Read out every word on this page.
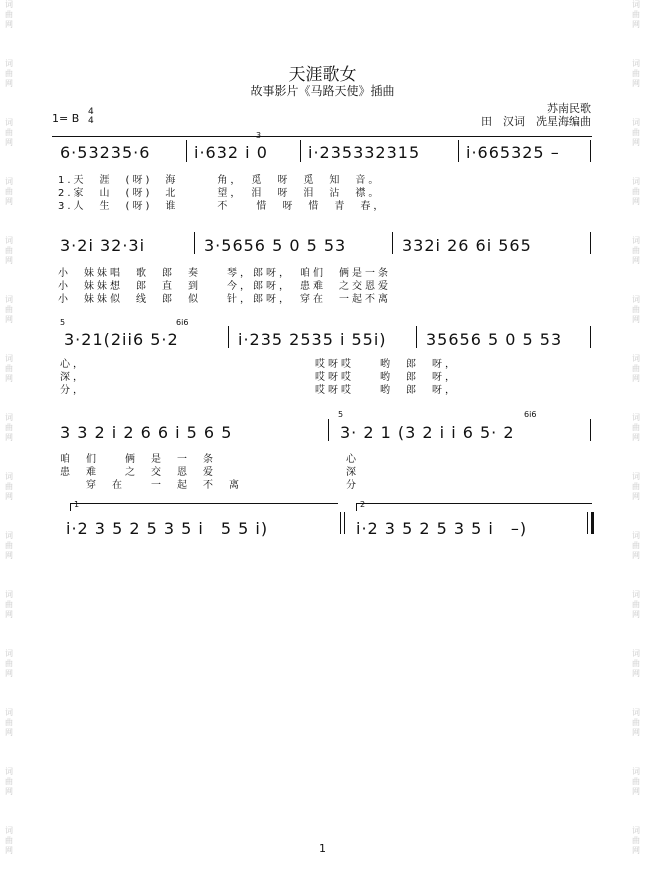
词
曲
网
词
曲
网
词
曲
网
词
曲
网
词
曲
网
词
曲
网
词
曲
网
词
曲
网
词
曲
网
词
曲
网
词
曲
网
词
曲
网
词
曲
网
词
曲
网
词
曲
网
词
曲
网
词
曲
网
词
曲
网
词
曲
网
词
曲
网
词
曲
网
词
曲
网
词
曲
网
词
曲
网
词
曲
网
词
曲
网
词
曲
网
词
曲
网
词
曲
网
词
曲
网
天涯歌女
故事影片《马路天使》插曲
1= B 4
4
苏南民歌
田　汉词　冼星海编曲
6·53235·6
3
i·632 i 0	i·235332315	i·665325 –
1.天　涯　(呀)　海　　　角，　觅　呀　觅　知　音。
2.家　山　(呀)　北　　　望，　泪　呀　泪　沾　襟。
3.人　生　(呀)　谁　　　不　　惜　呀　惜　青　春，
3·2i 32·3i	3·5656 5 0 5 53	332i 26 6i 565
小　妹妹唱　歌　郎　奏　　琴，郎呀，　咱们　俩是一条
小　妹妹想　郎　直　到　　今，郎呀，　患难　之交恩爱
小　妹妹似　线　郎　似　　针，郎呀，　穿在　一起不离
5	6i6
3·21(2ii6 5·2	i·235 2535 i 55i) 35656 5 0 5 53
心，　　　　　　　　　　　　　　　　　　哎呀哎　　哟　郎　呀，
深，　　　　　　　　　　　　　　　　　　哎呀哎　　哟　郎　呀，
分，　　　　　　　　　　　　　　　　　　哎呀哎　　哟　郎　呀，
3 3 2 i 2 6 6 i 5 6 5
5	6i6
3· 2 1 (3 2 i i 6 5· 2
咱　们　　俩　是　一　条　　　　　　　　　　心
患　难　　之　交　恩　爱　　　　　　　　　　深
　　穿　在　　一　起　不　离　　　　　　　　分
1	2
i·2 3 5 2 5 3 5 i　5 5 i)	i·2 3 5 2 5 3 5 i　–)
1
